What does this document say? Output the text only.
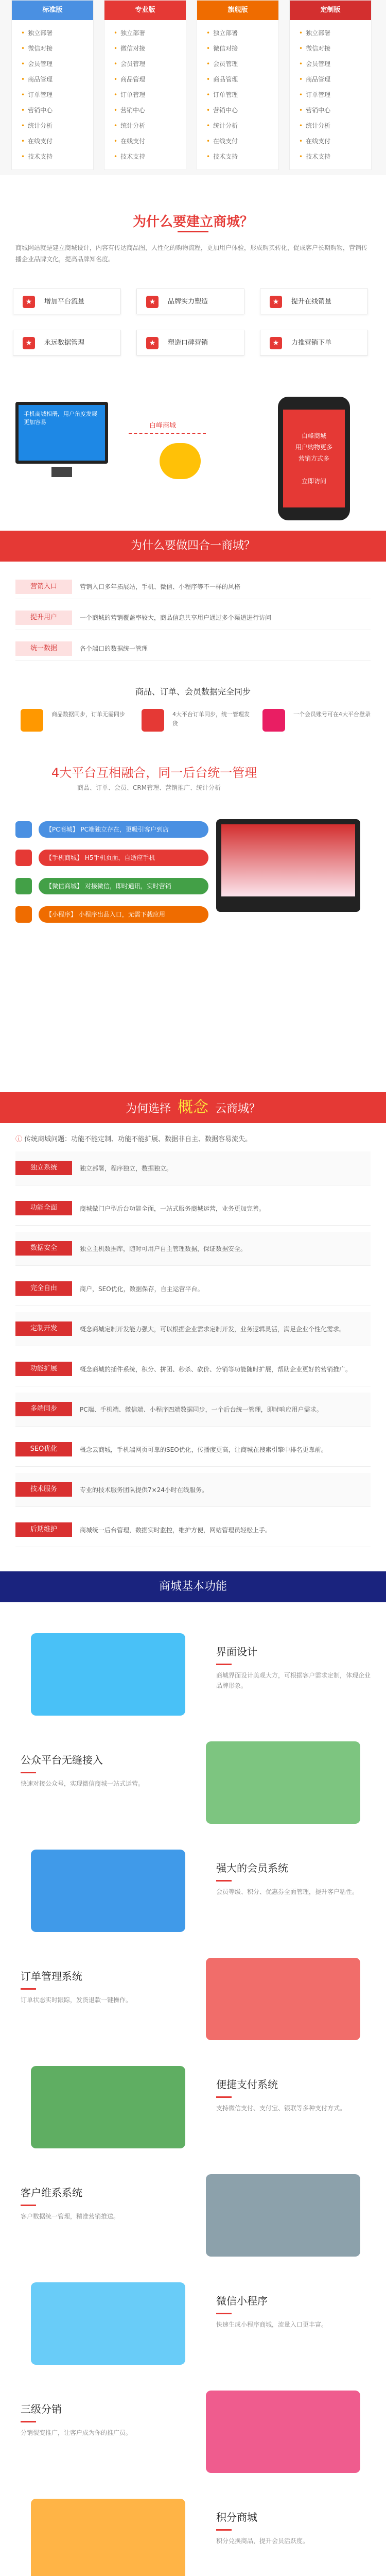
标准版
• 独立部署
• 微信对接
• 会员管理
• 商品管理
• 订单管理
• 营销中心
• 统计分析
• 在线支付
• 技术支持
专业版
• 独立部署
• 微信对接
• 会员管理
• 商品管理
• 订单管理
• 营销中心
• 统计分析
• 在线支付
• 技术支持
旗舰版
• 独立部署
• 微信对接
• 会员管理
• 商品管理
• 订单管理
• 营销中心
• 统计分析
• 在线支付
• 技术支持
定制版
• 独立部署
• 微信对接
• 会员管理
• 商品管理
• 订单管理
• 营销中心
• 统计分析
• 在线支付
• 技术支持
为什么要建立商城？
商城网站就是建立商城设计，内容有传达商品图，人性化的购物流程，更加用户体验，形成购买转化，促成客户长期购物，营销传播企业品牌文化，提高品牌知名度。
★	增加平台流量	★	品牌实力塑造	★	提升在线销量
★	永远数据管理	★	塑造口碑营销	★	力推营销下单
手机商城相册，用户角度发展更加容易	白峰商城
白峰商城
用户购物更多
营销方式多

立即访问
为什么要做四合一商城？
营销入口	营销入口多年拓展站，手机、微信、小程序等不一样的风格
提升用户	一个商城的营销覆盖率较大，商品信息共享用户通过多个渠道进行访问
统一数据	各个端口的数据统一管理
商品、订单、会员数据完全同步
商品数据同步，订单无需同步	4大平台订单同步，统一管理发货
一个会员账号可在4大平台登录
4大平台互相融合，同一后台统一管理
商品、订单、会员、CRM管理、营销推广、统计分析
【PC商城】 PC端独立存在，更吸引客户到店
【手机商城】 H5手机页面，自适应手机
【微信商城】 对接微信，即时通讯，实时营销
【小程序】 小程序出品入口，无需下载应用
为何选择 概念 云商城？
ⓘ 传统商城问题：功能不能定制、功能不能扩展、数据非自主、数据容易流失。
独立系统	独立部署，程序独立，数据独立。
功能全面	商城做门户型后台功能全面，一站式服务商城运营，业务更加完善。
数据安全	独立主机数据库，随时可用户自主管理数据，保证数据安全。
完全自由	商户，SEO优化，数据保存，自主运营平台。
定制开发	概念商城定制开发能力强大，可以根据企业需求定制开发，业务逻辑灵活，满足企业个性化需求。
功能扩展	概念商城的插件系统，积分、拼团、秒杀、砍价、分销等功能随时扩展，帮助企业更好的营销推广。
多端同步	PC端、手机端、微信端、小程序四端数据同步，一个后台统一管理，即时响应用户需求。
SEO优化	概念云商城，手机端网页可靠的SEO优化，传播度更高，让商城在搜索引擎中排名更靠前。
技术服务	专业的技术服务团队提供7×24小时在线服务。
后期维护	商城统一后台管理，数据实时监控，维护方便，网站管理员轻松上手。
商城基本功能
界面设计
商城界面设计美观大方，可根据客户需求定制，体现企业品牌形象。
公众平台无缝接入
快速对接公众号，实现微信商城一站式运营。
强大的会员系统
会员等级、积分、优惠券全面管理，提升客户粘性。
订单管理系统
订单状态实时跟踪，发货退款一键操作。
便捷支付系统
支持微信支付、支付宝、银联等多种支付方式。
客户维系系统
客户数据统一管理，精准营销推送。
微信小程序
快速生成小程序商城，流量入口更丰富。
三级分销
分销裂变推广，让客户成为你的推广员。
积分商城
积分兑换商品，提升会员活跃度。
